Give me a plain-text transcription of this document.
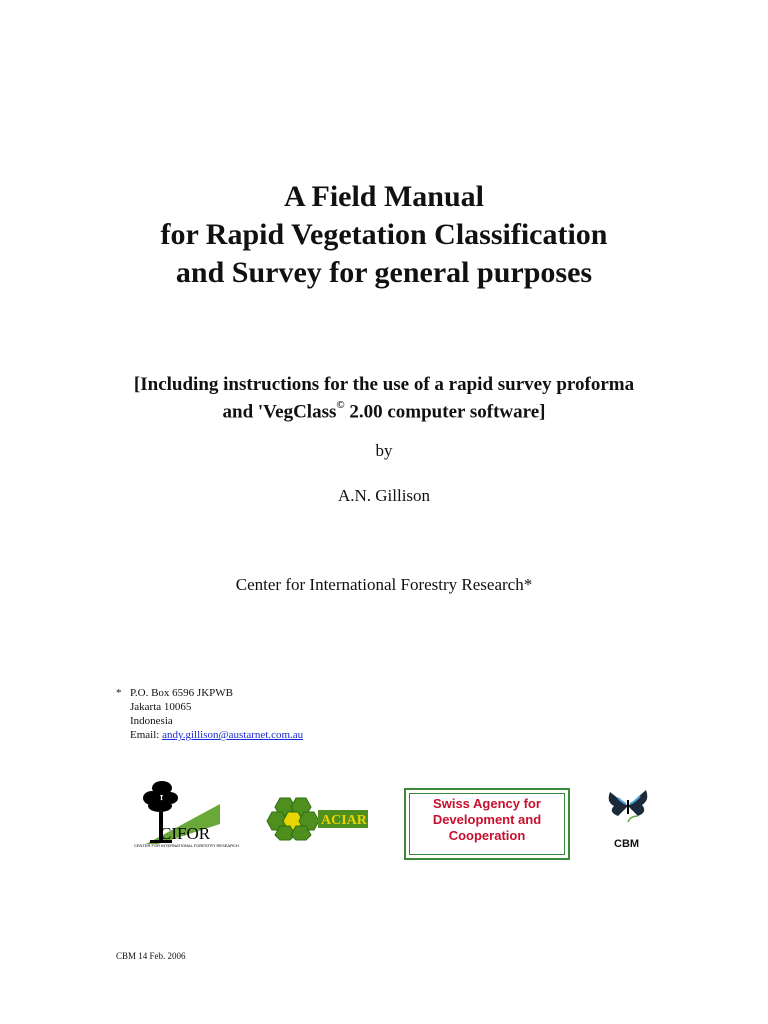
A Field Manual
for Rapid Vegetation Classification
and Survey for general purposes
[Including instructions for the use of a rapid survey proforma
and 'VegClass© 2.00 computer software]
by
A.N. Gillison
Center for International Forestry Research*
* P.O. Box 6596 JKPWB
Jakarta 10065
Indonesia
Email: andy.gillison@austarnet.com.au
CIFOR
CENTER FOR INTERNATIONAL FORESTRY RESEARCH
ACIAR
Swiss Agency for
Development and
Cooperation
CBM
CBM 14 Feb. 2006
